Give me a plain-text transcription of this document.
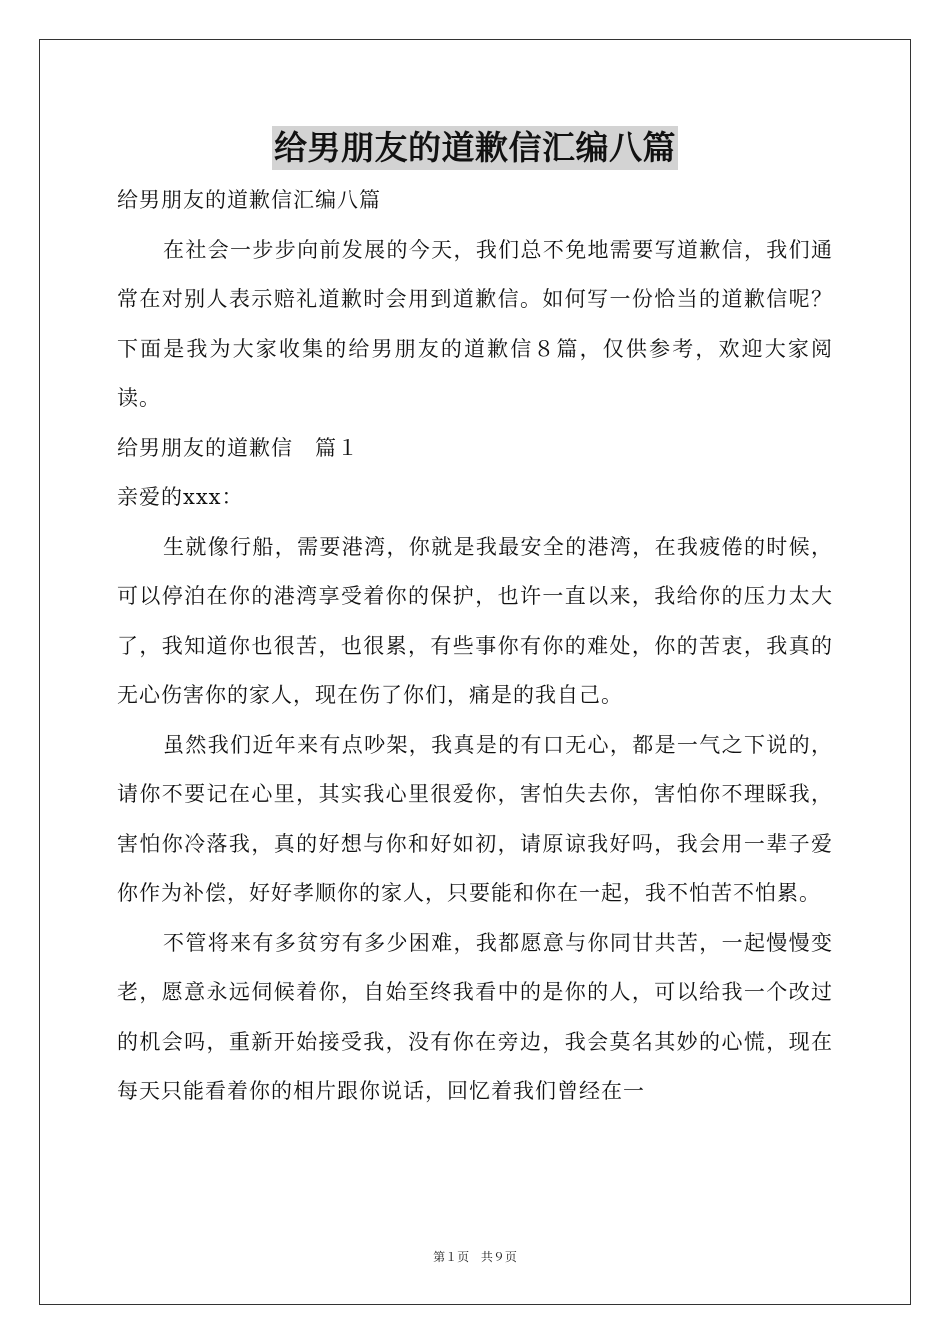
给男朋友的道歉信汇编八篇

给男朋友的道歉信汇编八篇

在社会一步步向前发展的今天，我们总不免地需要写道歉信，我们通常在对别人表示赔礼道歉时会用到道歉信。如何写一份恰当的道歉信呢？下面是我为大家收集的给男朋友的道歉信８篇，仅供参考，欢迎大家阅读。

给男朋友的道歉信　篇１

亲爱的xxx：

生就像行船，需要港湾，你就是我最安全的港湾，在我疲倦的时候，可以停泊在你的港湾享受着你的保护，也许一直以来，我给你的压力太大了，我知道你也很苦，也很累，有些事你有你的难处，你的苦衷，我真的无心伤害你的家人，现在伤了你们，痛是的我自己。

虽然我们近年来有点吵架，我真是的有口无心，都是一气之下说的，请你不要记在心里，其实我心里很爱你，害怕失去你，害怕你不理睬我，害怕你冷落我，真的好想与你和好如初，请原谅我好吗，我会用一辈子爱你作为补偿，好好孝顺你的家人，只要能和你在一起，我不怕苦不怕累。

不管将来有多贫穷有多少困难，我都愿意与你同甘共苦，一起慢慢变老，愿意永远伺候着你，自始至终我看中的是你的人，可以给我一个改过的机会吗，重新开始接受我，没有你在旁边，我会莫名其妙的心慌，现在每天只能看着你的相片跟你说话，回忆着我们曾经在一

第１页 共９页
